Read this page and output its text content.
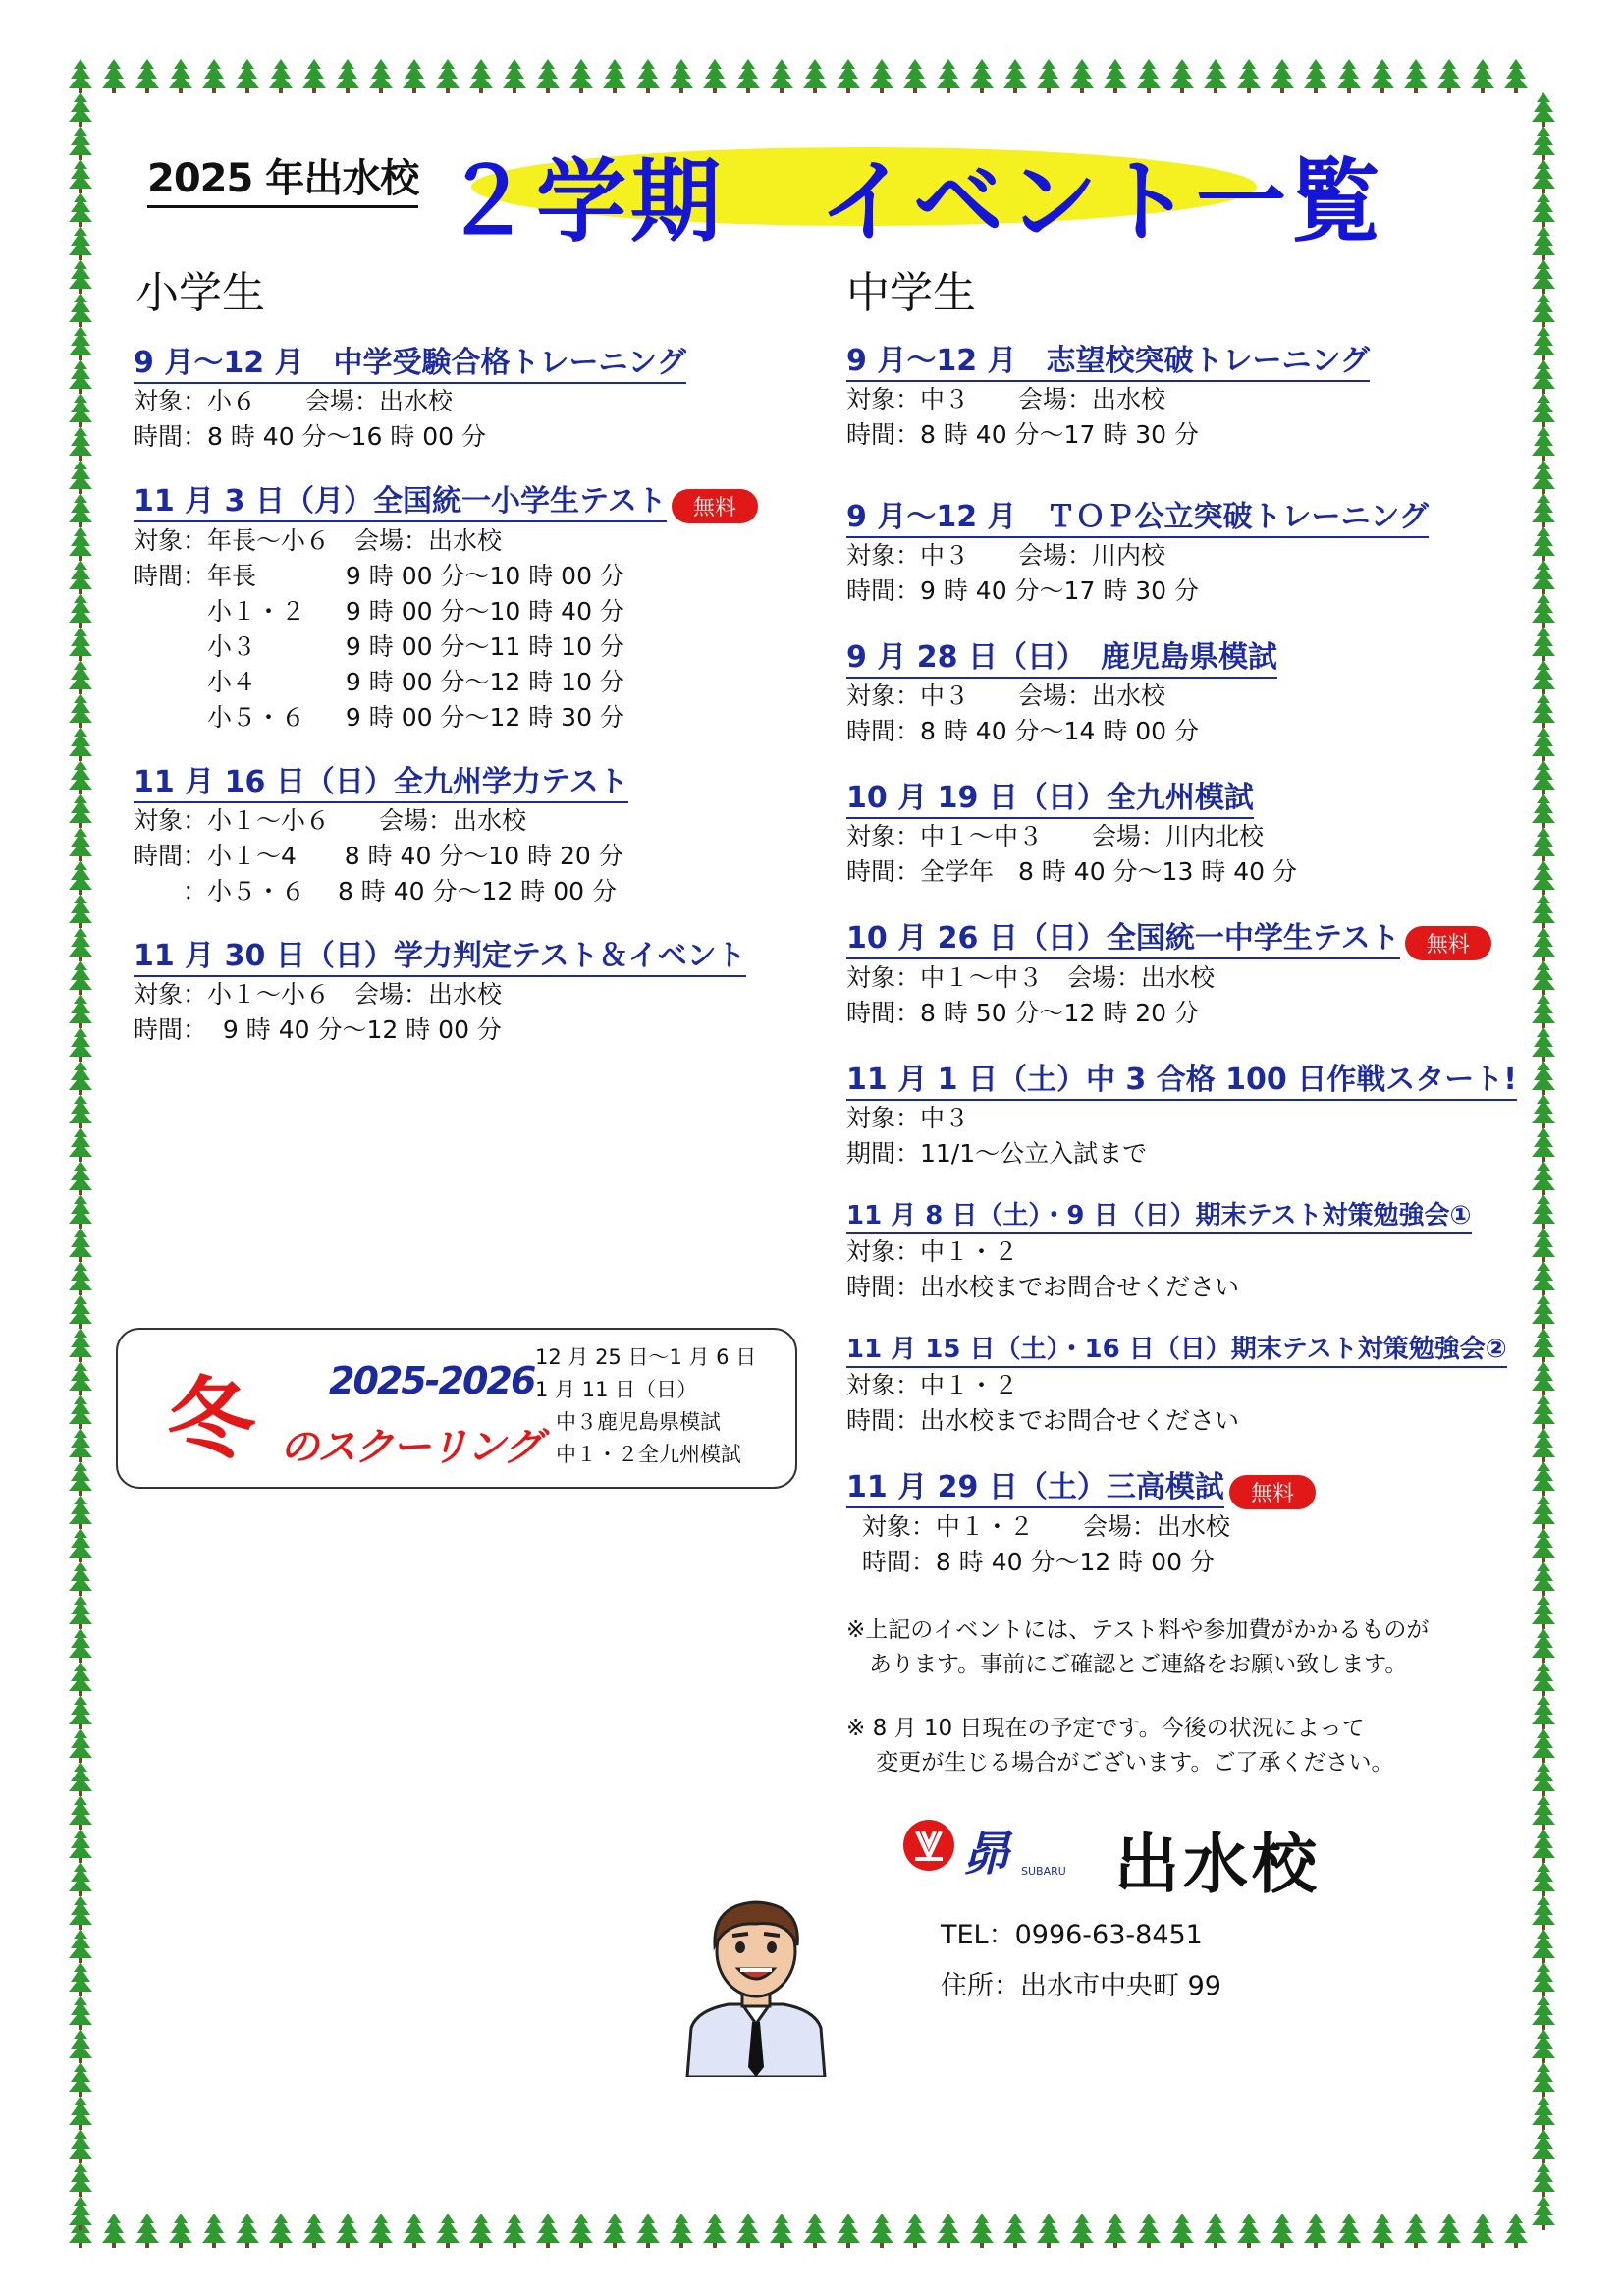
2025 年出水校 ２学期　イベント一覧
小学生
9 月〜12 月　中学受験合格トレーニング
対象：小６　　会場：出水校
時間：8 時 40 分〜16 時 00 分
11 月 3 日（月）全国統一小学生テスト 無料
対象：年長〜小６　会場：出水校
時間：年長　　　  9 時 00 分〜10 時 00 分
　　　小１・２　  9 時 00 分〜10 時 40 分
　　　小３　　　  9 時 00 分〜11 時 10 分
　　　小４　　　  9 時 00 分〜12 時 10 分
　　　小５・６　  9 時 00 分〜12 時 30 分
11 月 16 日（日）全九州学力テスト
対象：小１〜小６　　会場：出水校
時間：小１〜4　   8 時 40 分〜10 時 20 分
　　：小５・６　 8 時 40 分〜12 時 00 分
11 月 30 日（日）学力判定テスト＆イベント
対象：小１〜小６　会場：出水校
時間：  9 時 40 分〜12 時 00 分
冬 2025-2026
のスクーリング
12 月 25 日〜1 月 6 日
1 月 11 日（日）
　中３鹿児島県模試
　中１・２全九州模試
中学生
9 月〜12 月　志望校突破トレーニング
対象：中３　　会場：出水校
時間：8 時 40 分〜17 時 30 分
9 月〜12 月　ＴＯＰ公立突破トレーニング
対象：中３　　会場：川内校
時間：9 時 40 分〜17 時 30 分
9 月 28 日（日）　鹿児島県模試
対象：中３　　会場：出水校
時間：8 時 40 分〜14 時 00 分
10 月 19 日（日）全九州模試
対象：中１〜中３　　会場：川内北校
時間：全学年　8 時 40 分〜13 時 40 分
10 月 26 日（日）全国統一中学生テスト 無料
対象：中１〜中３　会場：出水校
時間：8 時 50 分〜12 時 20 分
11 月 1 日（土）中 3 合格 100 日作戦スタート!
対象：中３
期間：11/1〜公立入試まで
11 月 8 日（土）・9 日（日）期末テスト対策勉強会①
対象：中１・２
時間：出水校までお問合せください
11 月 15 日（土）・16 日（日）期末テスト対策勉強会②
対象：中１・２
時間：出水校までお問合せください
11 月 29 日（土）三高模試 無料
対象：中１・２　　会場：出水校
時間：8 時 40 分〜12 時 00 分
※上記のイベントには、テスト料や参加費がかかるものが
　あります。事前にご確認とご連絡をお願い致します。
※ 8 月 10 日現在の予定です。今後の状況によって
　 変更が生じる場合がございます。ご了承ください。
昴 SUBARU 出水校
TEL：0996-63-8451
住所：出水市中央町 99
